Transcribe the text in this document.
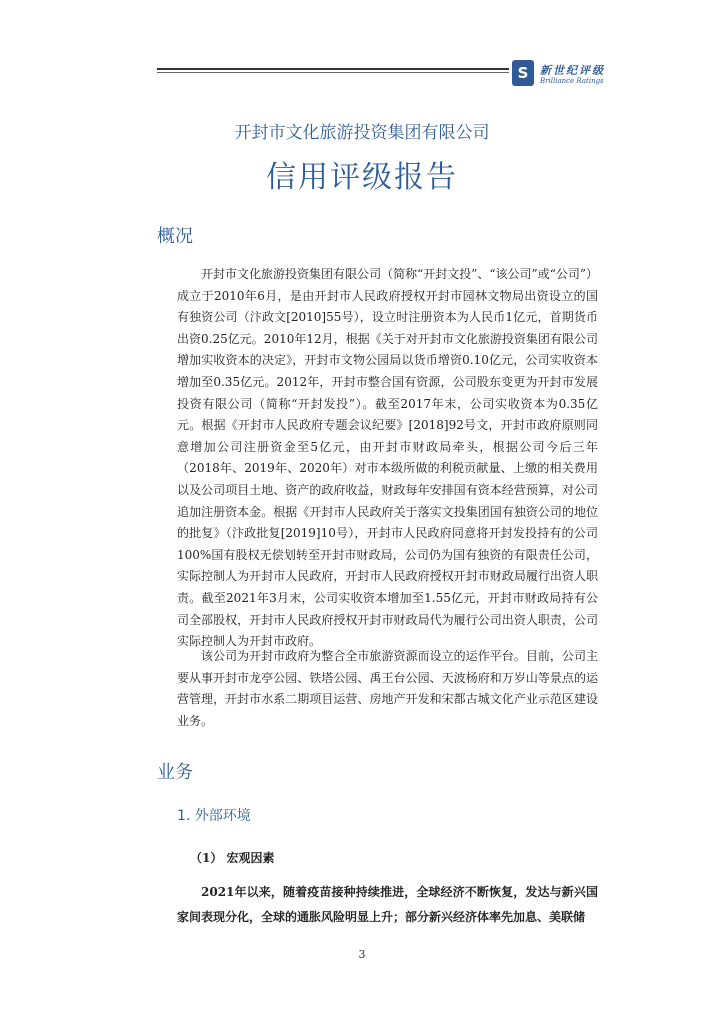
S	新世纪评级
Brilliance Ratings
开封市文化旅游投资集团有限公司
信用评级报告
概况
开封市文化旅游投资集团有限公司（简称“开封文投”、“该公司”或“公司”）成立于2010年6月，是由开封市人民政府授权开封市园林文物局出资设立的国有独资公司（汴政文[2010]55号），设立时注册资本为人民币1亿元，首期货币出资0.25亿元。2010年12月，根据《关于对开封市文化旅游投资集团有限公司增加实收资本的决定》，开封市文物公园局以货币增资0.10亿元，公司实收资本增加至0.35亿元。2012年，开封市整合国有资源，公司股东变更为开封市发展投资有限公司（简称“开封发投”）。截至2017年末，公司实收资本为0.35亿元。根据《开封市人民政府专题会议纪要》[2018]92号文，开封市政府原则同意增加公司注册资金至5亿元，由开封市财政局牵头，根据公司今后三年（2018年、2019年、2020年）对市本级所做的利税贡献量、上缴的相关费用以及公司项目土地、资产的政府收益，财政每年安排国有资本经营预算，对公司追加注册资本金。根据《开封市人民政府关于落实文投集团国有独资公司的地位的批复》（汴政批复[2019]10号），开封市人民政府同意将开封发投持有的公司100%国有股权无偿划转至开封市财政局，公司仍为国有独资的有限责任公司，实际控制人为开封市人民政府，开封市人民政府授权开封市财政局履行出资人职责。截至2021年3月末，公司实收资本增加至1.55亿元，开封市财政局持有公司全部股权，开封市人民政府授权开封市财政局代为履行公司出资人职责，公司实际控制人为开封市政府。
该公司为开封市政府为整合全市旅游资源而设立的运作平台。目前，公司主要从事开封市龙亭公园、铁塔公园、禹王台公园、天波杨府和万岁山等景点的运营管理，开封市水系二期项目运营、房地产开发和宋都古城文化产业示范区建设业务。
业务
1. 外部环境
（1） 宏观因素
2021年以来，随着疫苗接种持续推进，全球经济不断恢复，发达与新兴国家间表现分化，全球的通胀风险明显上升；部分新兴经济体率先加息、美联储
3
